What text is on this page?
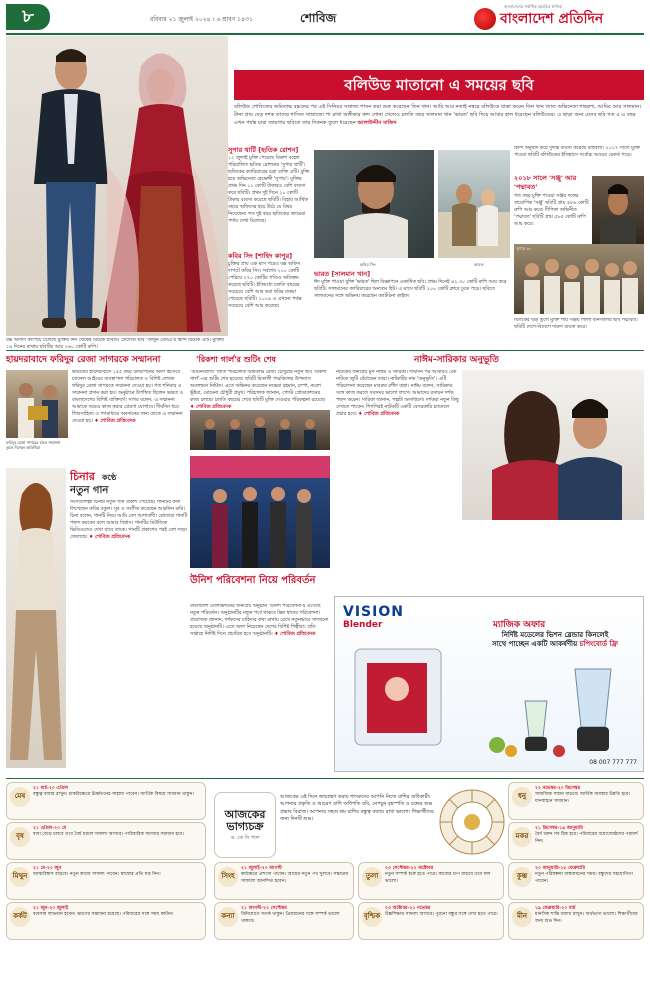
৮	রবিবার ২১ জুলাই ২০২৪ । ৬ শ্রাবণ ১৪৩১	শোবিজ	বাংলাদেশ প্রতিদিন
বাংলাদেশের সর্বাধিক প্রচারিত দৈনিক
বলিউড মাতানো এ সময়ের ছবি
বলিউড শোবিজের অমিতাভ বচ্চনের পর এই সিনিয়র সম্রাজ্য শাসন করা শুরু করেছেন তিন খান। আমি আর নতাই নম্বরে বলিউডে যাত্রা করেন তিন খান খ্যাত অভিনেতা শাহরুখ, আমির আর সালমান। টানা প্রায় দেড় দশক তাদের শাসিত সাম্রাজ্যে পা রাখা অঙ্গীকার কন্দ শোনা গেলেও চলতি বছর সালমান খান 'ভারত' ছবি দিয়ে আবার হাল ধরেছেন বলিউডের। এ ছাড়া অন্য যেসব ছবি গত ৫ এ বছর এখন পর্যন্ত যারা জায়গার ছবিতে তার দিকনক তুলে ধরেছেন আলাউদ্দীন মাজিদ
সুপার থার্টি [হৃতিক রোশন]
১২ জুলাই মুক্তি পেয়েছে বিকাশ বহেল পরিচালিত হৃতিক রোশনের 'সুপার থার্টি'। হৃতিকের ক্যারিয়ারের চড়া ব্যক্তি এটি। মুক্তি হয়ে অভিনেতা হেভেন্সী 'সুপার'। মুক্তির প্রথম দিন ১১ কোটি টাকারও বেশি ব্যবসা করে ছবিটি। প্রথম দুই দিনে ২০ কোটি টাকার ব্যবসা করেছে ছবিটি। বিহার আর্থিক বছরে অফিসের হয়ে উঠে যে বিষয় নিয়েছেন। গত দুই বছর হৃতিকের ক্যামেরা পর্দায় দেখা মিলেছে।
কবির সিং [শাহিদ কাপুর]
চুক্তির প্রায় এক মাস পরেও বক্স অফিস দাপটে কবির সিং। সর্বশেষ ২০০ কোটি পেরিয়ে ২৭০ কোটির গণ্ডিও অতিক্রম করেছে ছবিটি। ইতিমধ্যে চলতি বছরের সবচেয়ে বেশি আয় করা ছবির তকমা পেয়েছে ছবিটি। ২০১৯ এ এখনো পর্যন্ত সবচেয়ে বেশি আয় করেছে।
বক্স অফিস কাঁপিয়ে চলেছে মুক্তির দিন থেকেই রিমেক ছবিটি। তেলেগু ছবি 'অর্জুন রেড্ডি'র হিন্দি রিমেক এটি। মুক্তির ২৯ দিনের মাথায় ছবিটির আয় ২৬০ কোটি রুপি।
কবির সিং	ভারত
ভারত [সালমান খান]
ঈদ মুক্তি পাওয়া মুক্তি 'ভারত' ছিল বিজ্ঞাপনে একাধিক ছবি। প্রথম দিনেই ৪২.৩০ কোটি রুপি আয় করে ছবিটি। সালমানের ক্যারিয়ারের অন্যতম হিট। এ মাসে ছবিটি ২০০ কোটি ক্লাবে ঢুকে পড়ে। ছবিতে সালমানের সঙ্গে অভিনয় করেছেন ক্যাটরিনা কাইফ।
হিন্দি অনুবাদ করে দুর্দান্ত ব্যবসা করেছে বাহুবলী। ২০১৭ সালে মুক্তি পাওয়া ছবিটি বলিউডের ইতিহাসে সর্বোচ্চ আয়ের রেকর্ড গড়ে।
২০১৮ সালে 'সঞ্জু' আর 'পদ্মাবত'
গত বছর মুক্তি পাওয়া সঞ্জয় দত্তের বায়োপিক 'সঞ্জু' ছবিটি প্রায় ৫৮৬ কোটি রুপি আয় করে। দীপিকা অভিনীত 'পদ্মাবত' ছবিটি প্রায় ৫৮৫ কোটি রুপি আয় করে।
সুপার ৩০
বিতর্কের ঝড় তুলে মুক্তি পায় সঞ্জয় লীলা বানসালির ছবি পদ্মাবত। ছবিটি দেশে-বিদেশে দারুণ ব্যবসা করে।
হায়দরাবাদে ফরিদুর রেজা সাগরকে সম্মাননা
ফরিদুর রেজা সাগরের হাতে সম্মাননা তুলে দিচ্ছেন অতিথিরা
ভারতের হায়দরাবাদে ১৫৫ বছর উদযাপনের অংশ হিসেবে চ্যানেল আইয়ের ব্যবস্থাপনা পরিচালক ও বিশিষ্ট লেখক ফরিদুর রেজা সাগরকে সম্মাননা দেওয়া হয়। গত শনিবার এ সম্মাননা প্রদান করা হয়। অনুষ্ঠানে উপস্থিত ছিলেন ভারত ও বাংলাদেশের বিশিষ্ট ব্যক্তিবর্গ। সাগর বলেন, এ সম্মাননা আমাকে আরও কাজ করার প্রেরণা যোগাবে। দীর্ঘদিন ধরে শিশুসাহিত্য ও গণমাধ্যমে অবদানের জন্য তাকে এ সম্মাননা দেওয়া হয়। ♦ শোবিজ প্রতিবেদক
'রিকশা গার্ল'র শুটিং শেষ
'আয়নাবাজি' খ্যাত পরিচালক অমিতাভ রেজা চৌধুরীর নতুন ছবি 'রিকশা গার্ল'-এর শুটিং শেষ হয়েছে। ছবিটি মিতালী পারকিন্সের উপন্যাস অবলম্বনে নির্মিত। এতে অভিনয় করেছেন নভেরা রহমান, চম্পা, নরেশ ভূঁইয়া, মোমেনা চৌধুরী প্রমুখ। পরিচালক জানান, পোস্ট প্রোডাকশনের কাজ চলছে। চলতি বছরের শেষে ছবিটি মুক্তি দেওয়ার পরিকল্পনা রয়েছে। ♦ শোবিজ প্রতিবেদক
নাঈম-সারিকার অনুভূতি
নাটকের জনপ্রিয় মুখ নাঈম ও সারিকা। দীর্ঘদিন পর আবারও এক নাটকে জুটি বেঁধেছেন তারা। নাটকটির নাম 'অনুভূতি'। এটি পরিচালনা করেছেন মাবরুর রশীদ বান্না। নাঈম বলেন, সারিকার সঙ্গে কাজ করতে সবসময় ভালো লাগে। আমাদের রসায়ন দর্শক পছন্দ করেন। সারিকা জানান, গল্পটা অসাধারণ। দর্শকরা নতুন কিছু দেখতে পাবেন। শিগগিরই নাটকটি একটি বেসরকারি চ্যানেলে প্রচার হবে। ♦ শোবিজ প্রতিবেদক
চিনার কণ্ঠে
নতুন গান
সংগীতশিল্পী চিনার নতুন গান প্রকাশ পেয়েছে। গানটির কথা লিখেছেন কবির বকুল। সুর ও সংগীত করেছেন আরফিন রুমি। চিনা বলেন, গানটি নিয়ে আমি বেশ আশাবাদী। শ্রোতারা গানটি পছন্দ করবেন বলে আমার বিশ্বাস। গানটির মিউজিক ভিডিওতেও দেখা যাবে তাকে। গানটি প্রকাশের পরই বেশ সাড়া ফেলেছে। ♦ শোবিজ প্রতিবেদক
উনিশ পরিবেশনা নিয়ে পরিবর্তন
বাংলাদেশ টেলিভিশনের জনপ্রিয় অনুষ্ঠান 'উনিশ পরিবেশনা'য় এসেছে নতুন পরিবর্তন। অনুষ্ঠানটির নতুন পর্বে থাকবে ভিন্ন স্বাদের পরিবেশনা। প্রযোজক জানান, দর্শকদের চাহিদার কথা মাথায় রেখে নতুনভাবে সাজানো হয়েছে অনুষ্ঠানটি। এতে অংশ নিয়েছেন দেশের বিশিষ্ট শিল্পীরা। প্রতি সপ্তাহে নির্দিষ্ট দিনে প্রচারিত হবে অনুষ্ঠানটি। ♦ শোবিজ প্রতিবেদক
VISION
Blender	ম্যাজিক অফার
নির্দিষ্ট মডেলের ভিশন ব্লেন্ডার কিনলেই
সাথে পাচ্ছেন একটি আকর্ষণীয় চপিংবোর্ড ফ্রি
08 007 777 777
মেষ
২১ মার্চ-২০ এপ্রিল
বন্ধুত্ব বজায় রাখুন। চাকরিক্ষেত্রে ঊর্ধ্বতনের সাহায্য পাবেন। আর্থিক বিষয়ে সাবধান থাকুন।
বৃষ
২১ এপ্রিল-২০ মে
বাধা বেড়ে চলবে তবে ধৈর্য ধরলে সাফল্য আসবে। পারিবারিক সমস্যার সমাধান হবে।
মিথুন
২১ মে-২০ জুন
আত্মবিশ্বাস বাড়বে। নতুন কাজে সাফল্য পাবেন। স্বাস্থ্যের প্রতি যত্ন নিন।
কর্কট
২১ জুন-২০ জুলাই
ব্যবসায় লাভবান হবেন। ভ্রমণের সম্ভাবনা রয়েছে। পরিবারের সঙ্গে সময় কাটান।
আজকের ভাগ্যচক্র
ড. কে সি পাল
আজকের এই দিনে জন্মগ্রহণ করায় শাসকদের আপনি নিজে রাশির অধিকারী। আপনার প্রকৃতি ও আচরণ রাশি অধিপতি রবি, নেপচুন বৃহস্পতি ও চন্দ্রের শুভ প্রভাব বিরাজ। আপনার সহজ শ্রম রাশির বন্ধুত্ব বজায় রাখা ভালো। শিক্ষার্থীদের জন্য দিনটি শুভ।
ধনু
২২ নভেম্বর-২০ ডিসেম্বর
সামাজিক সম্মান বাড়বে। আর্থিক অবস্থার উন্নতি হবে। যানবাহনে সাবধান।
মকর
২১ ডিসেম্বর-১৯ জানুয়ারি
ধৈর্য ধরুন সব ঠিক হবে। পরিবারের বয়োজ্যেষ্ঠদের পরামর্শ নিন।
সিংহ
২১ জুলাই-২০ আগস্ট
কর্মক্ষেত্রে প্রশংসা পাবেন। আয়ের নতুন পথ খুলবে। সন্তানের সাফল্যে আনন্দিত হবেন।
তুলা
২৩ সেপ্টেম্বর-২২ অক্টোবর
নতুন সম্পর্ক শুরু হতে পারে। কাজের চাপ বাড়বে তবে ফল ভালো।
কুম্ভ
২০ জানুয়ারি-১৮ ফেব্রুয়ারি
নতুন পরিকল্পনা বাস্তবায়নের সময়। বন্ধুদের সহযোগিতা পাবেন।
কন্যা
২১ আগস্ট-২২ সেপ্টেম্বর
বিনিয়োগে সতর্ক থাকুন। প্রিয়জনের সঙ্গে সম্পর্ক ভালো থাকবে।
বৃশ্চিক
২৩ অক্টোবর-২১ নভেম্বর
উচ্চশিক্ষায় সাফল্য আসবে। পুরনো বন্ধুর সঙ্গে দেখা হতে পারে।	মীন
১৯ ফেব্রুয়ারি-২০ মার্চ
মানসিক শান্তি বজায় রাখুন। অর্থভাগ্য ভালো। শিক্ষার্থীদের জন্য শুভ দিন।
